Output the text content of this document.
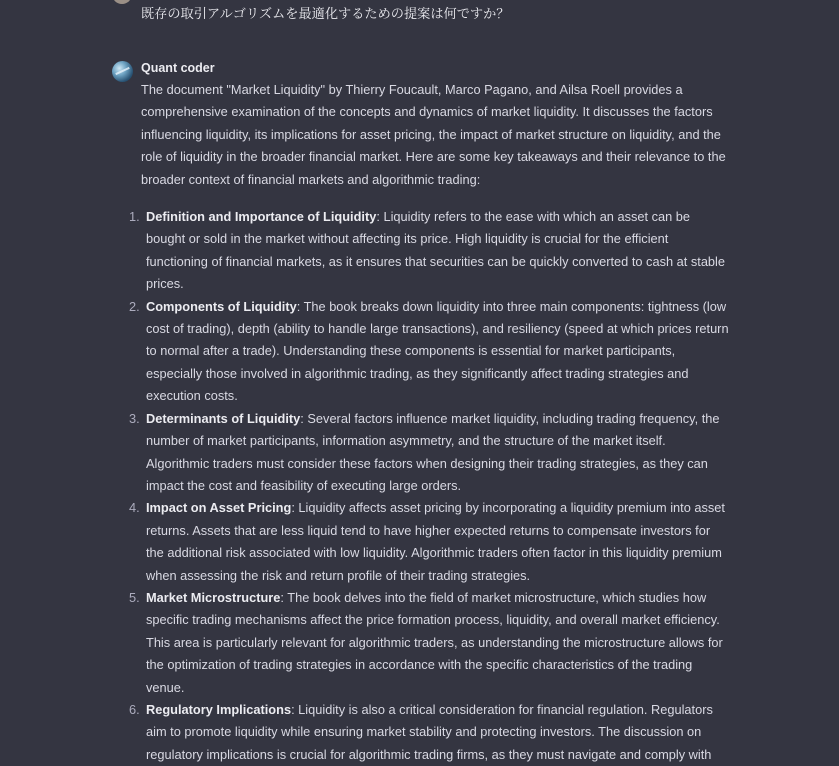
既存の取引アルゴリズムを最適化するための提案は何ですか？
Quant coder

The document "Market Liquidity" by Thierry Foucault, Marco Pagano, and Ailsa Roell provides a comprehensive examination of the concepts and dynamics of market liquidity. It discusses the factors influencing liquidity, its implications for asset pricing, the impact of market structure on liquidity, and the role of liquidity in the broader financial market. Here are some key takeaways and their relevance to the broader context of financial markets and algorithmic trading:

1. Definition and Importance of Liquidity: Liquidity refers to the ease with which an asset can be bought or sold in the market without affecting its price. High liquidity is crucial for the efficient functioning of financial markets, as it ensures that securities can be quickly converted to cash at stable prices.
2. Components of Liquidity: The book breaks down liquidity into three main components: tightness (low cost of trading), depth (ability to handle large transactions), and resiliency (speed at which prices return to normal after a trade). Understanding these components is essential for market participants, especially those involved in algorithmic trading, as they significantly affect trading strategies and execution costs.
3. Determinants of Liquidity: Several factors influence market liquidity, including trading frequency, the number of market participants, information asymmetry, and the structure of the market itself. Algorithmic traders must consider these factors when designing their trading strategies, as they can impact the cost and feasibility of executing large orders.
4. Impact on Asset Pricing: Liquidity affects asset pricing by incorporating a liquidity premium into asset returns. Assets that are less liquid tend to have higher expected returns to compensate investors for the additional risk associated with low liquidity. Algorithmic traders often factor in this liquidity premium when assessing the risk and return profile of their trading strategies.
5. Market Microstructure: The book delves into the field of market microstructure, which studies how specific trading mechanisms affect the price formation process, liquidity, and overall market efficiency. This area is particularly relevant for algorithmic traders, as understanding the microstructure allows for the optimization of trading strategies in accordance with the specific characteristics of the trading venue.
6. Regulatory Implications: Liquidity is also a critical consideration for financial regulation. Regulators aim to promote liquidity while ensuring market stability and protecting investors. The discussion on regulatory implications is crucial for algorithmic trading firms, as they must navigate and comply with
